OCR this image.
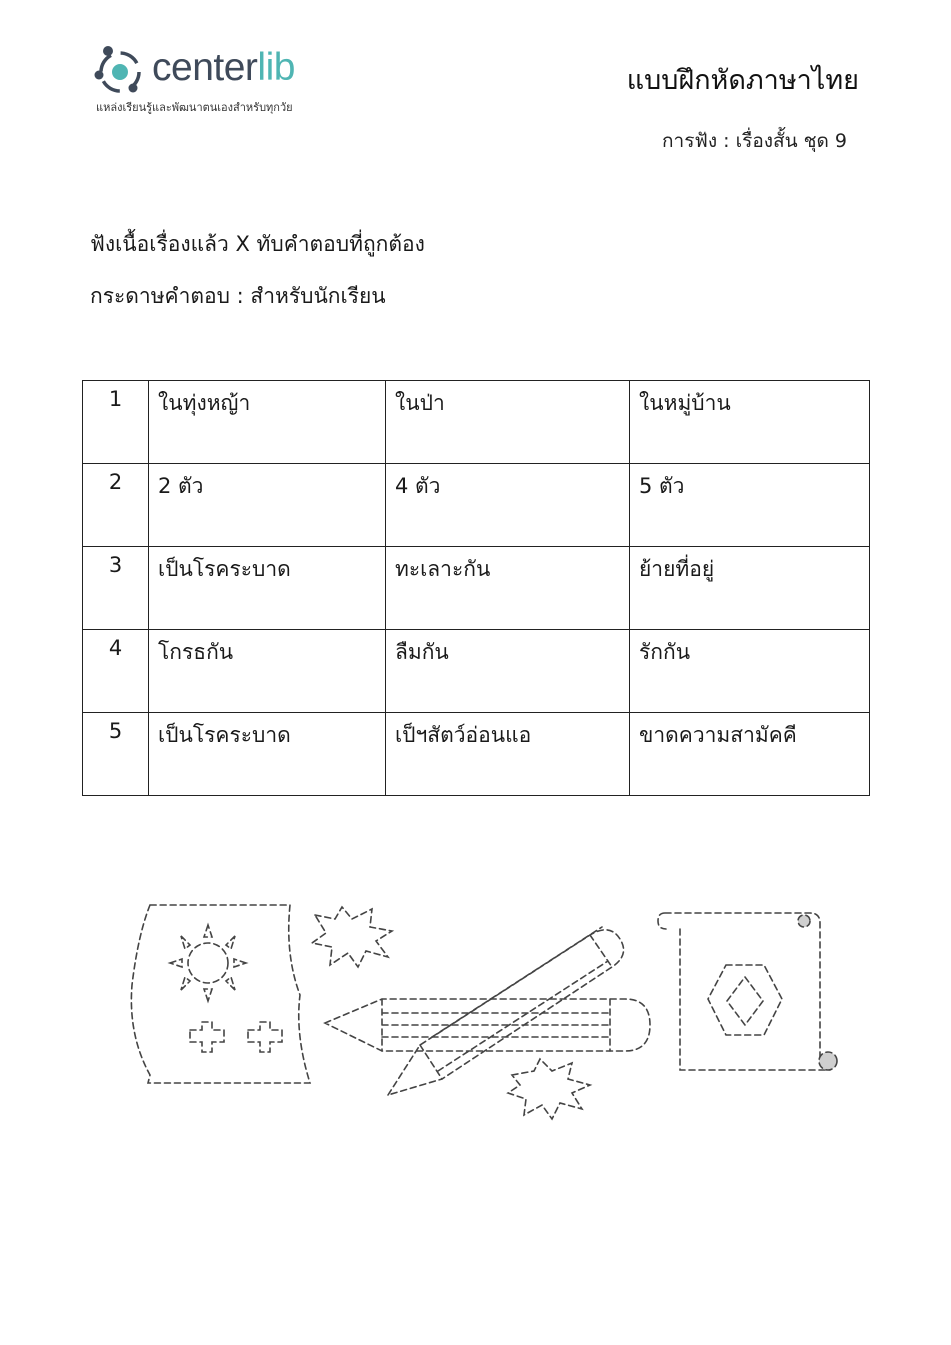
centerlib
แหล่งเรียนรู้และพัฒนาตนเองสำหรับทุกวัย
แบบฝึกหัดภาษาไทย
การฟัง : เรื่องสั้น ชุด 9
ฟังเนื้อเรื่องแล้ว X ทับคำตอบที่ถูกต้อง
กระดาษคำตอบ : สำหรับนักเรียน
1	ในทุ่งหญ้า	ในป่า	ในหมู่บ้าน
2	2 ตัว	4 ตัว	5 ตัว
3	เป็นโรคระบาด	ทะเลาะกัน	ย้ายที่อยู่
4	โกรธกัน	ลืมกัน	รักกัน
5	เป็นโรคระบาด	เป็ฯสัตว์อ่อนแอ	ขาดความสามัคคี
